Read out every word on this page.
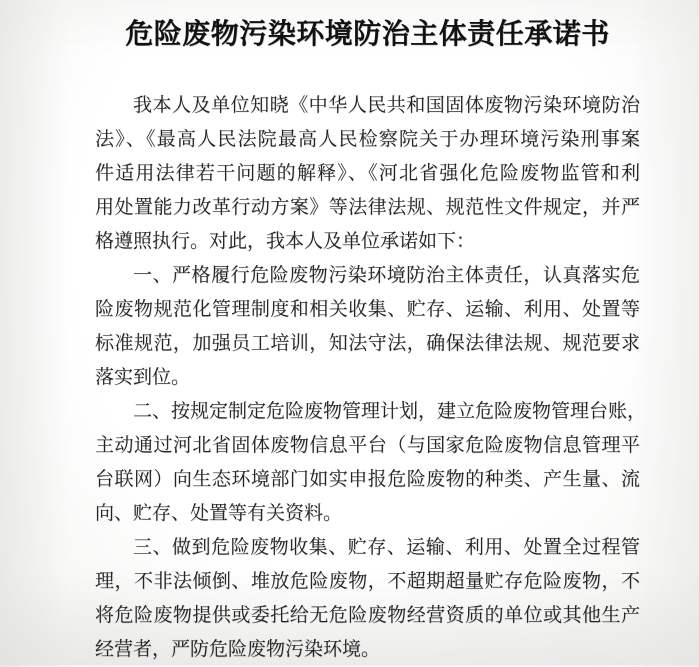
危险废物污染环境防治主体责任承诺书

我本人及单位知晓《中华人民共和国固体废物污染环境防治

法》、《最高人民法院最高人民检察院关于办理环境污染刑事案

件适用法律若干问题的解释》、《河北省强化危险废物监管和利

用处置能力改革行动方案》等法律法规、规范性文件规定，并严

格遵照执行。对此，我本人及单位承诺如下：

一、严格履行危险废物污染环境防治主体责任，认真落实危

险废物规范化管理制度和相关收集、贮存、运输、利用、处置等

标准规范，加强员工培训，知法守法，确保法律法规、规范要求

落实到位。

二、按规定制定危险废物管理计划，建立危险废物管理台账，

主动通过河北省固体废物信息平台（与国家危险废物信息管理平

台联网）向生态环境部门如实申报危险废物的种类、产生量、流

向、贮存、处置等有关资料。

三、做到危险废物收集、贮存、运输、利用、处置全过程管

理，不非法倾倒、堆放危险废物，不超期超量贮存危险废物，不

将危险废物提供或委托给无危险废物经营资质的单位或其他生产

经营者，严防危险废物污染环境。
